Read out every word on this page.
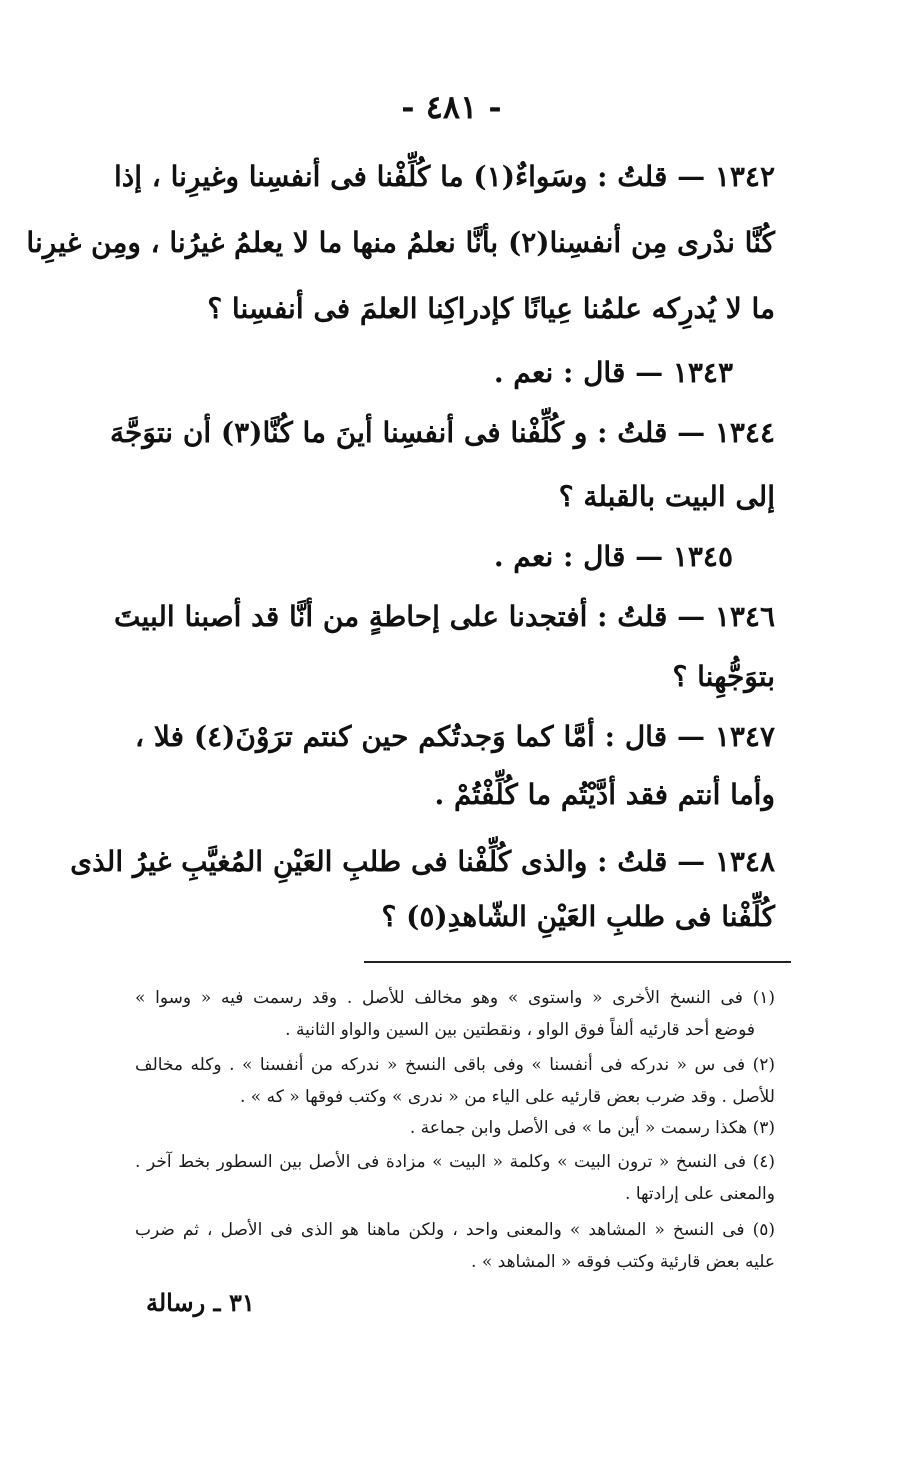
- ٤٨١ -
١٣٤٢ — قلتُ : وسَواءٌ(١) ما كُلِّفْنا فى أنفسِنا وغيرِنا ، إذا
كُنَّا ندْرى مِن أنفسِنا(٢) بأنَّا نعلمُ منها ما لا يعلمُ غيرُنا ، ومِن غيرِنا
ما لا يُدرِكه علمُنا عِيانًا كإدراكِنا العلمَ فى أنفسِنا ؟
١٣٤٣ — قال : نعم .
١٣٤٤ — قلتُ : و كُلِّفْنا فى أنفسِنا أينَ ما كُنَّا(٣) أن نتوَجَّهَ
إلى البيت بالقبلة ؟
١٣٤٥ — قال : نعم .
١٣٤٦ — قلتُ : أفتجدنا على إحاطةٍ من أنَّا قد أصبنا البيتَ
بتوَجُّهِنا ؟
١٣٤٧ — قال : أمَّا كما وَجدتُكم حين كنتم ترَوْنَ(٤) فلا ،
وأما أنتم فقد أدَّيْتُم ما كُلِّفْتُمْ .
١٣٤٨ — قلتُ : والذى كُلِّفْنا فى طلبِ العَيْنِ المُغيَّبِ غيرُ الذى
كُلِّفْنا فى طلبِ العَيْنِ الشّاهدِ(٥) ؟
(١) فى النسخ الأخرى « واستوى » وهو مخالف للأصل . وقد رسمت فيه « وسوا »
فوضع أحد قارئيه ألفاً فوق الواو ، ونقطتين بين السين والواو الثانية .
(٢) فى س « ندركه فى أنفسنا » وفى باقى النسخ « ندركه من أنفسنا » . وكله مخالف
للأصل . وقد ضرب بعض قارئيه على الياء من « ندرى » وكتب فوقها « كه » .
(٣) هكذا رسمت « أين ما » فى الأصل وابن جماعة .
(٤) فى النسخ « ترون البيت » وكلمة « البيت » مزادة فى الأصل بين السطور بخط آخر .
والمعنى على إرادتها .
(٥) فى النسخ « المشاهد » والمعنى واحد ، ولكن ماهنا هو الذى فى الأصل ، ثم ضرب
عليه بعض قارئية وكتب فوقه « المشاهد » .
٣١ ـ رسالة
